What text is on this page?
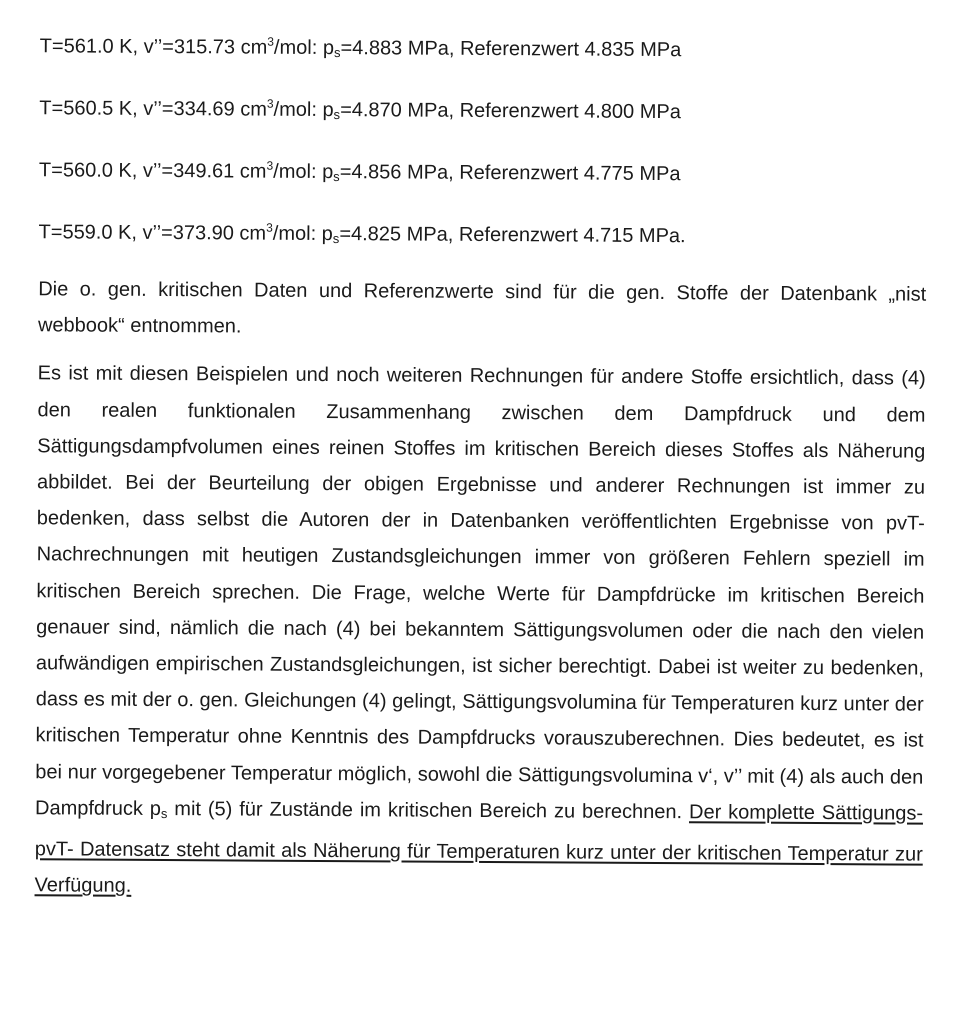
T=561.0 K, v’’=315.73 $cm^3$/mol: $p_s=4.883$ MPa, Referenzwert 4.835 MPa
T=560.5 K, v’’=334.69 $cm^3$/mol: $p_s=4.870$ MPa, Referenzwert 4.800 MPa
T=560.0 K, v’’=349.61 $cm^3$/mol: $p_s=4.856$ MPa, Referenzwert 4.775 MPa
T=559.0 K, v’’=373.90 $cm^3$/mol: $p_s=4.825$ MPa, Referenzwert 4.715 MPa.

Die o. gen. kritischen Daten und Referenzwerte sind für die gen. Stoffe der Datenbank „nist webbook“ entnommen.

Es ist mit diesen Beispielen und noch weiteren Rechnungen für andere Stoffe ersichtlich, dass (4) den realen funktionalen Zusammenhang zwischen dem Dampfdruck und dem Sättigungsdampfvolumen eines reinen Stoffes im kritischen Bereich dieses Stoffes als Näherung abbildet. Bei der Beurteilung der obigen Ergebnisse und anderer Rechnungen ist immer zu bedenken, dass selbst die Autoren der in Datenbanken veröffentlichten Ergebnisse von pvT-Nachrechnungen mit heutigen Zustandsgleichungen immer von größeren Fehlern speziell im kritischen Bereich sprechen. Die Frage, welche Werte für Dampfdrücke im kritischen Bereich genauer sind, nämlich die nach (4) bei bekanntem Sättigungsvolumen oder die nach den vielen aufwändigen empirischen Zustandsgleichungen, ist sicher berechtigt. Dabei ist weiter zu bedenken, dass es mit der o. gen. Gleichungen (4) gelingt, Sättigungsvolumina für Temperaturen kurz unter der kritischen Temperatur ohne Kenntnis des Dampfdrucks vorauszuberechnen. Dies bedeutet, es ist bei nur vorgegebener Temperatur möglich, sowohl die Sättigungsvolumina v‘, v’’ mit (4) als auch den Dampfdruck $p_s$ mit (5) für Zustände im kritischen Bereich zu berechnen. Der komplette Sättigungs-pvT- Datensatz steht damit als Näherung für Temperaturen kurz unter der kritischen Temperatur zur Verfügung.
